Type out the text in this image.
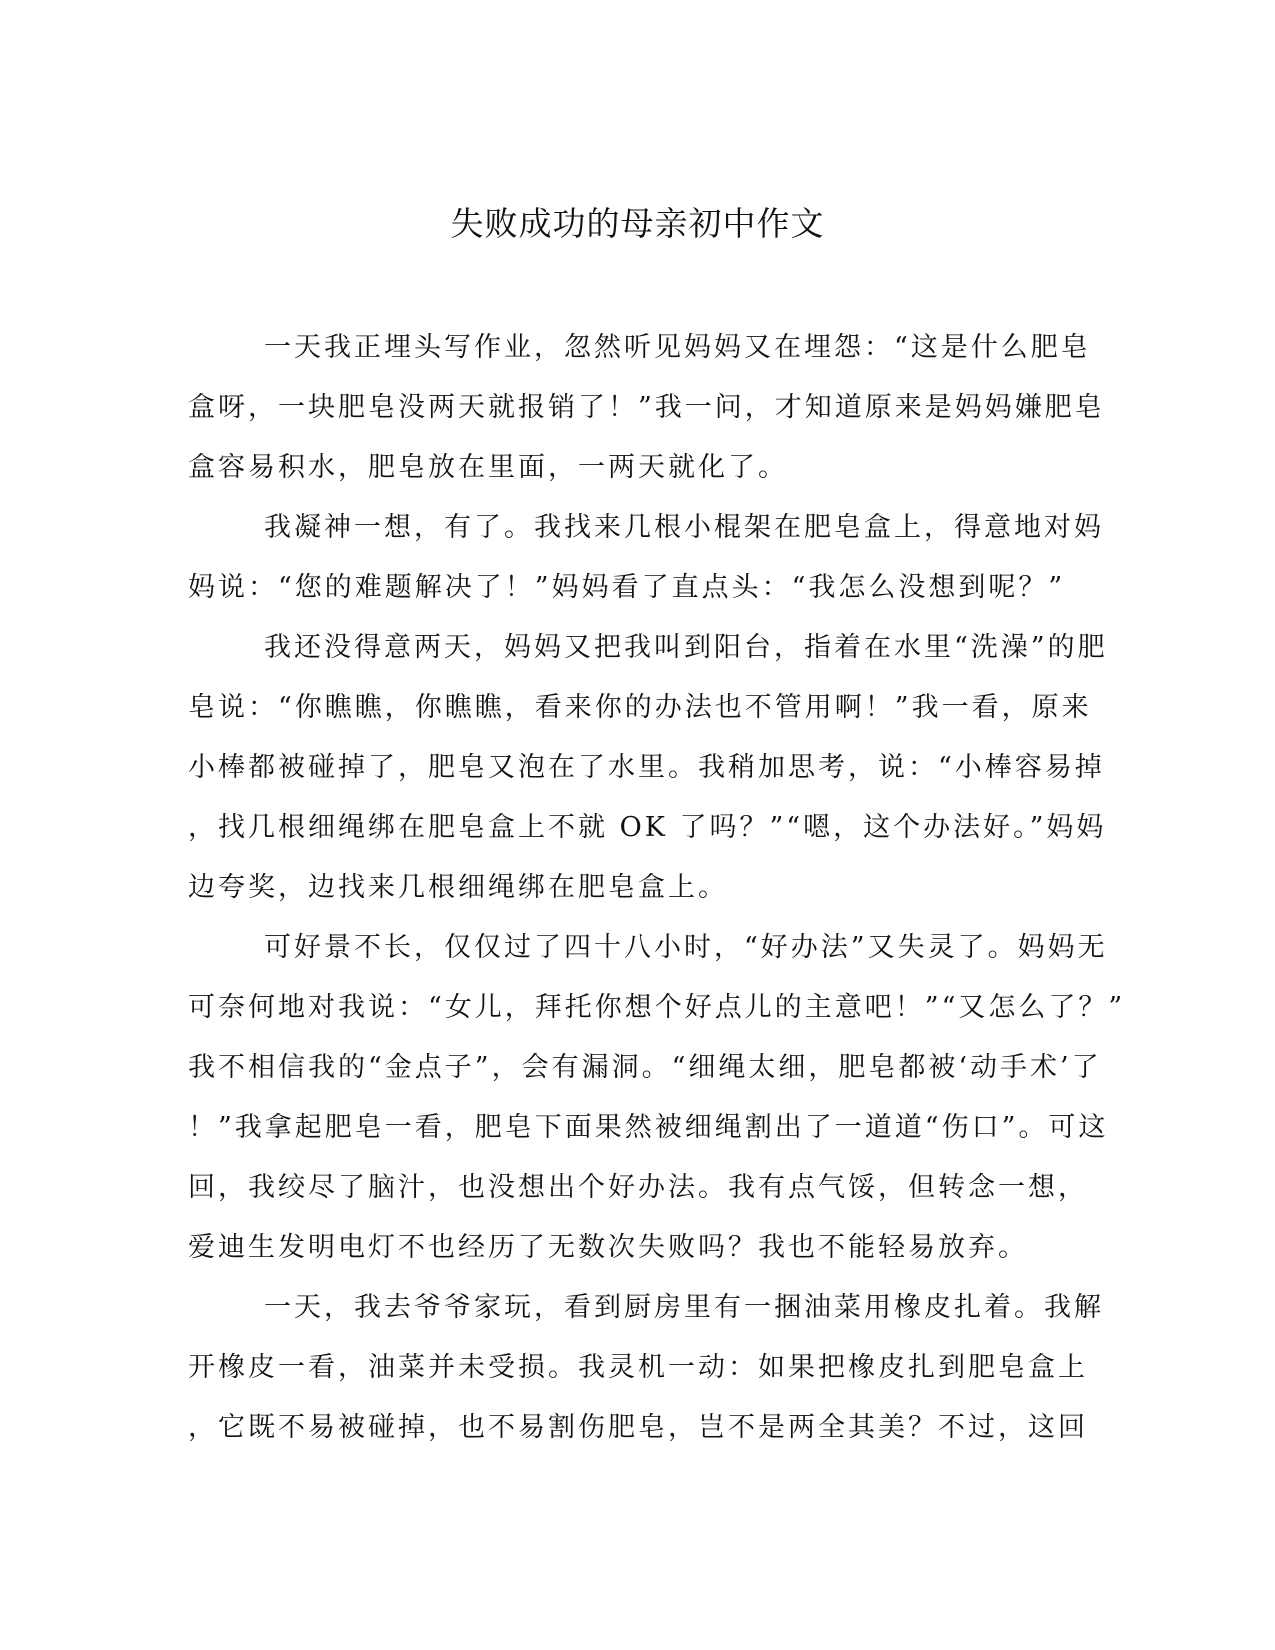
失败成功的母亲初中作文
一天我正埋头写作业，忽然听见妈妈又在埋怨：“这是什么肥皂
盒呀，一块肥皂没两天就报销了！”我一问，才知道原来是妈妈嫌肥皂
盒容易积水，肥皂放在里面，一两天就化了。
我凝神一想，有了。我找来几根小棍架在肥皂盒上，得意地对妈
妈说：“您的难题解决了！”妈妈看了直点头：“我怎么没想到呢？”
我还没得意两天，妈妈又把我叫到阳台，指着在水里“洗澡”的肥
皂说：“你瞧瞧，你瞧瞧，看来你的办法也不管用啊！”我一看，原来
小棒都被碰掉了，肥皂又泡在了水里。我稍加思考，说：“小棒容易掉
，找几根细绳绑在肥皂盒上不就 OK 了吗？”“嗯，这个办法好。”妈妈
边夸奖，边找来几根细绳绑在肥皂盒上。
可好景不长，仅仅过了四十八小时，“好办法”又失灵了。妈妈无
可奈何地对我说：“女儿，拜托你想个好点儿的主意吧！”“又怎么了？”
我不相信我的“金点子”，会有漏洞。“细绳太细，肥皂都被‘动手术’了
！”我拿起肥皂一看，肥皂下面果然被细绳割出了一道道“伤口”。可这
回，我绞尽了脑汁，也没想出个好办法。我有点气馁，但转念一想，
爱迪生发明电灯不也经历了无数次失败吗？我也不能轻易放弃。
一天，我去爷爷家玩，看到厨房里有一捆油菜用橡皮扎着。我解
开橡皮一看，油菜并未受损。我灵机一动：如果把橡皮扎到肥皂盒上
，它既不易被碰掉，也不易割伤肥皂，岂不是两全其美？不过，这回
